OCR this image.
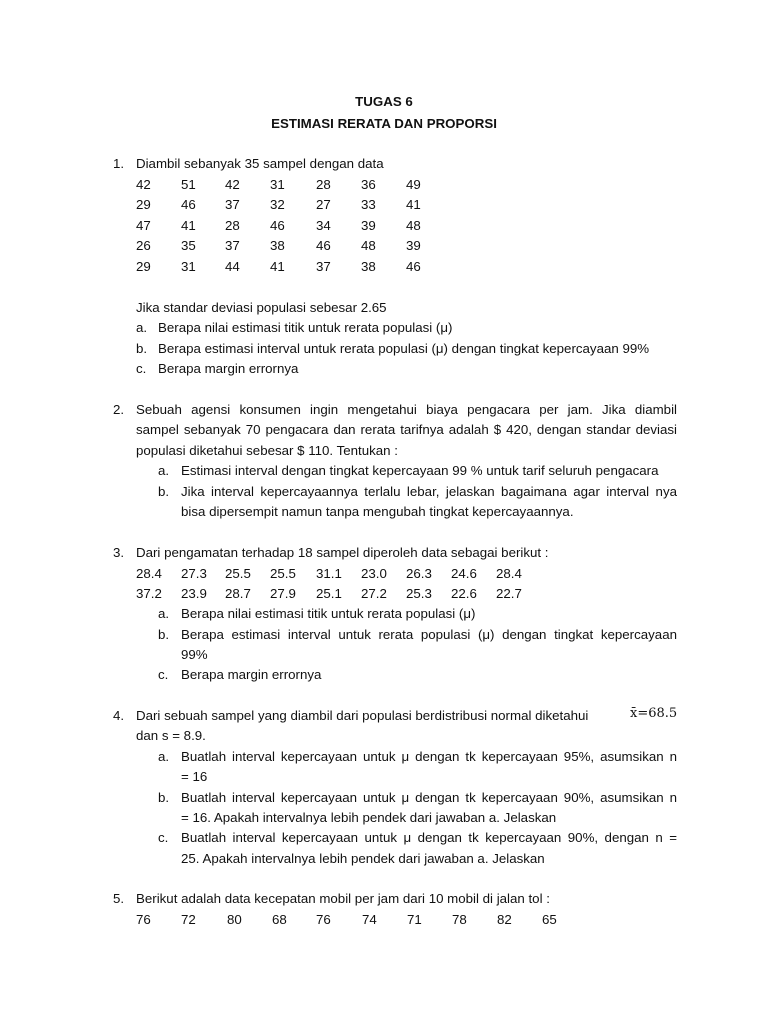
TUGAS 6
ESTIMASI RERATA DAN PROPORSI
1. Diambil sebanyak 35 sampel dengan data
42 51 42 31 28 36 49
29 46 37 32 27 33 41
47 41 28 46 34 39 48
26 35 37 38 46 48 39
29 31 44 41 37 38 46
Jika standar deviasi populasi sebesar 2.65
a. Berapa nilai estimasi titik untuk rerata populasi (μ)
b. Berapa estimasi interval untuk rerata populasi (μ) dengan tingkat kepercayaan 99%
c. Berapa margin errornya
2. Sebuah agensi konsumen ingin mengetahui biaya pengacara per jam. Jika diambil
sampel sebanyak 70 pengacara dan rerata tarifnya adalah $ 420, dengan standar deviasi
populasi diketahui sebesar $ 110. Tentukan :
a. Estimasi interval dengan tingkat kepercayaan 99 % untuk tarif seluruh pengacara
b. Jika interval kepercayaannya terlalu lebar, jelaskan bagaimana agar interval nya
bisa dipersempit namun tanpa mengubah tingkat kepercayaannya.
3. Dari pengamatan terhadap 18 sampel diperoleh data sebagai berikut :
28.4 27.3 25.5 25.5 31.1 23.0 26.3 24.6 28.4
37.2 23.9 28.7 27.9 25.1 27.2 25.3 22.6 22.7
a. Berapa nilai estimasi titik untuk rerata populasi (μ)
b. Berapa estimasi interval untuk rerata populasi (μ) dengan tingkat kepercayaan
99%
c. Berapa margin errornya
4. Dari sebuah sampel yang diambil dari populasi berdistribusi normal diketahui	x̄=68.5
dan s = 8.9.
a. Buatlah interval kepercayaan untuk μ dengan tk kepercayaan 95%, asumsikan n
= 16
b. Buatlah interval kepercayaan untuk μ dengan tk kepercayaan 90%, asumsikan n
= 16. Apakah intervalnya lebih pendek dari jawaban a. Jelaskan
c. Buatlah interval kepercayaan untuk μ dengan tk kepercayaan 90%, dengan n =
25. Apakah intervalnya lebih pendek dari jawaban a. Jelaskan
5. Berikut adalah data kecepatan mobil per jam dari 10 mobil di jalan tol :
76 72 80 68 76 74 71 78 82 65
